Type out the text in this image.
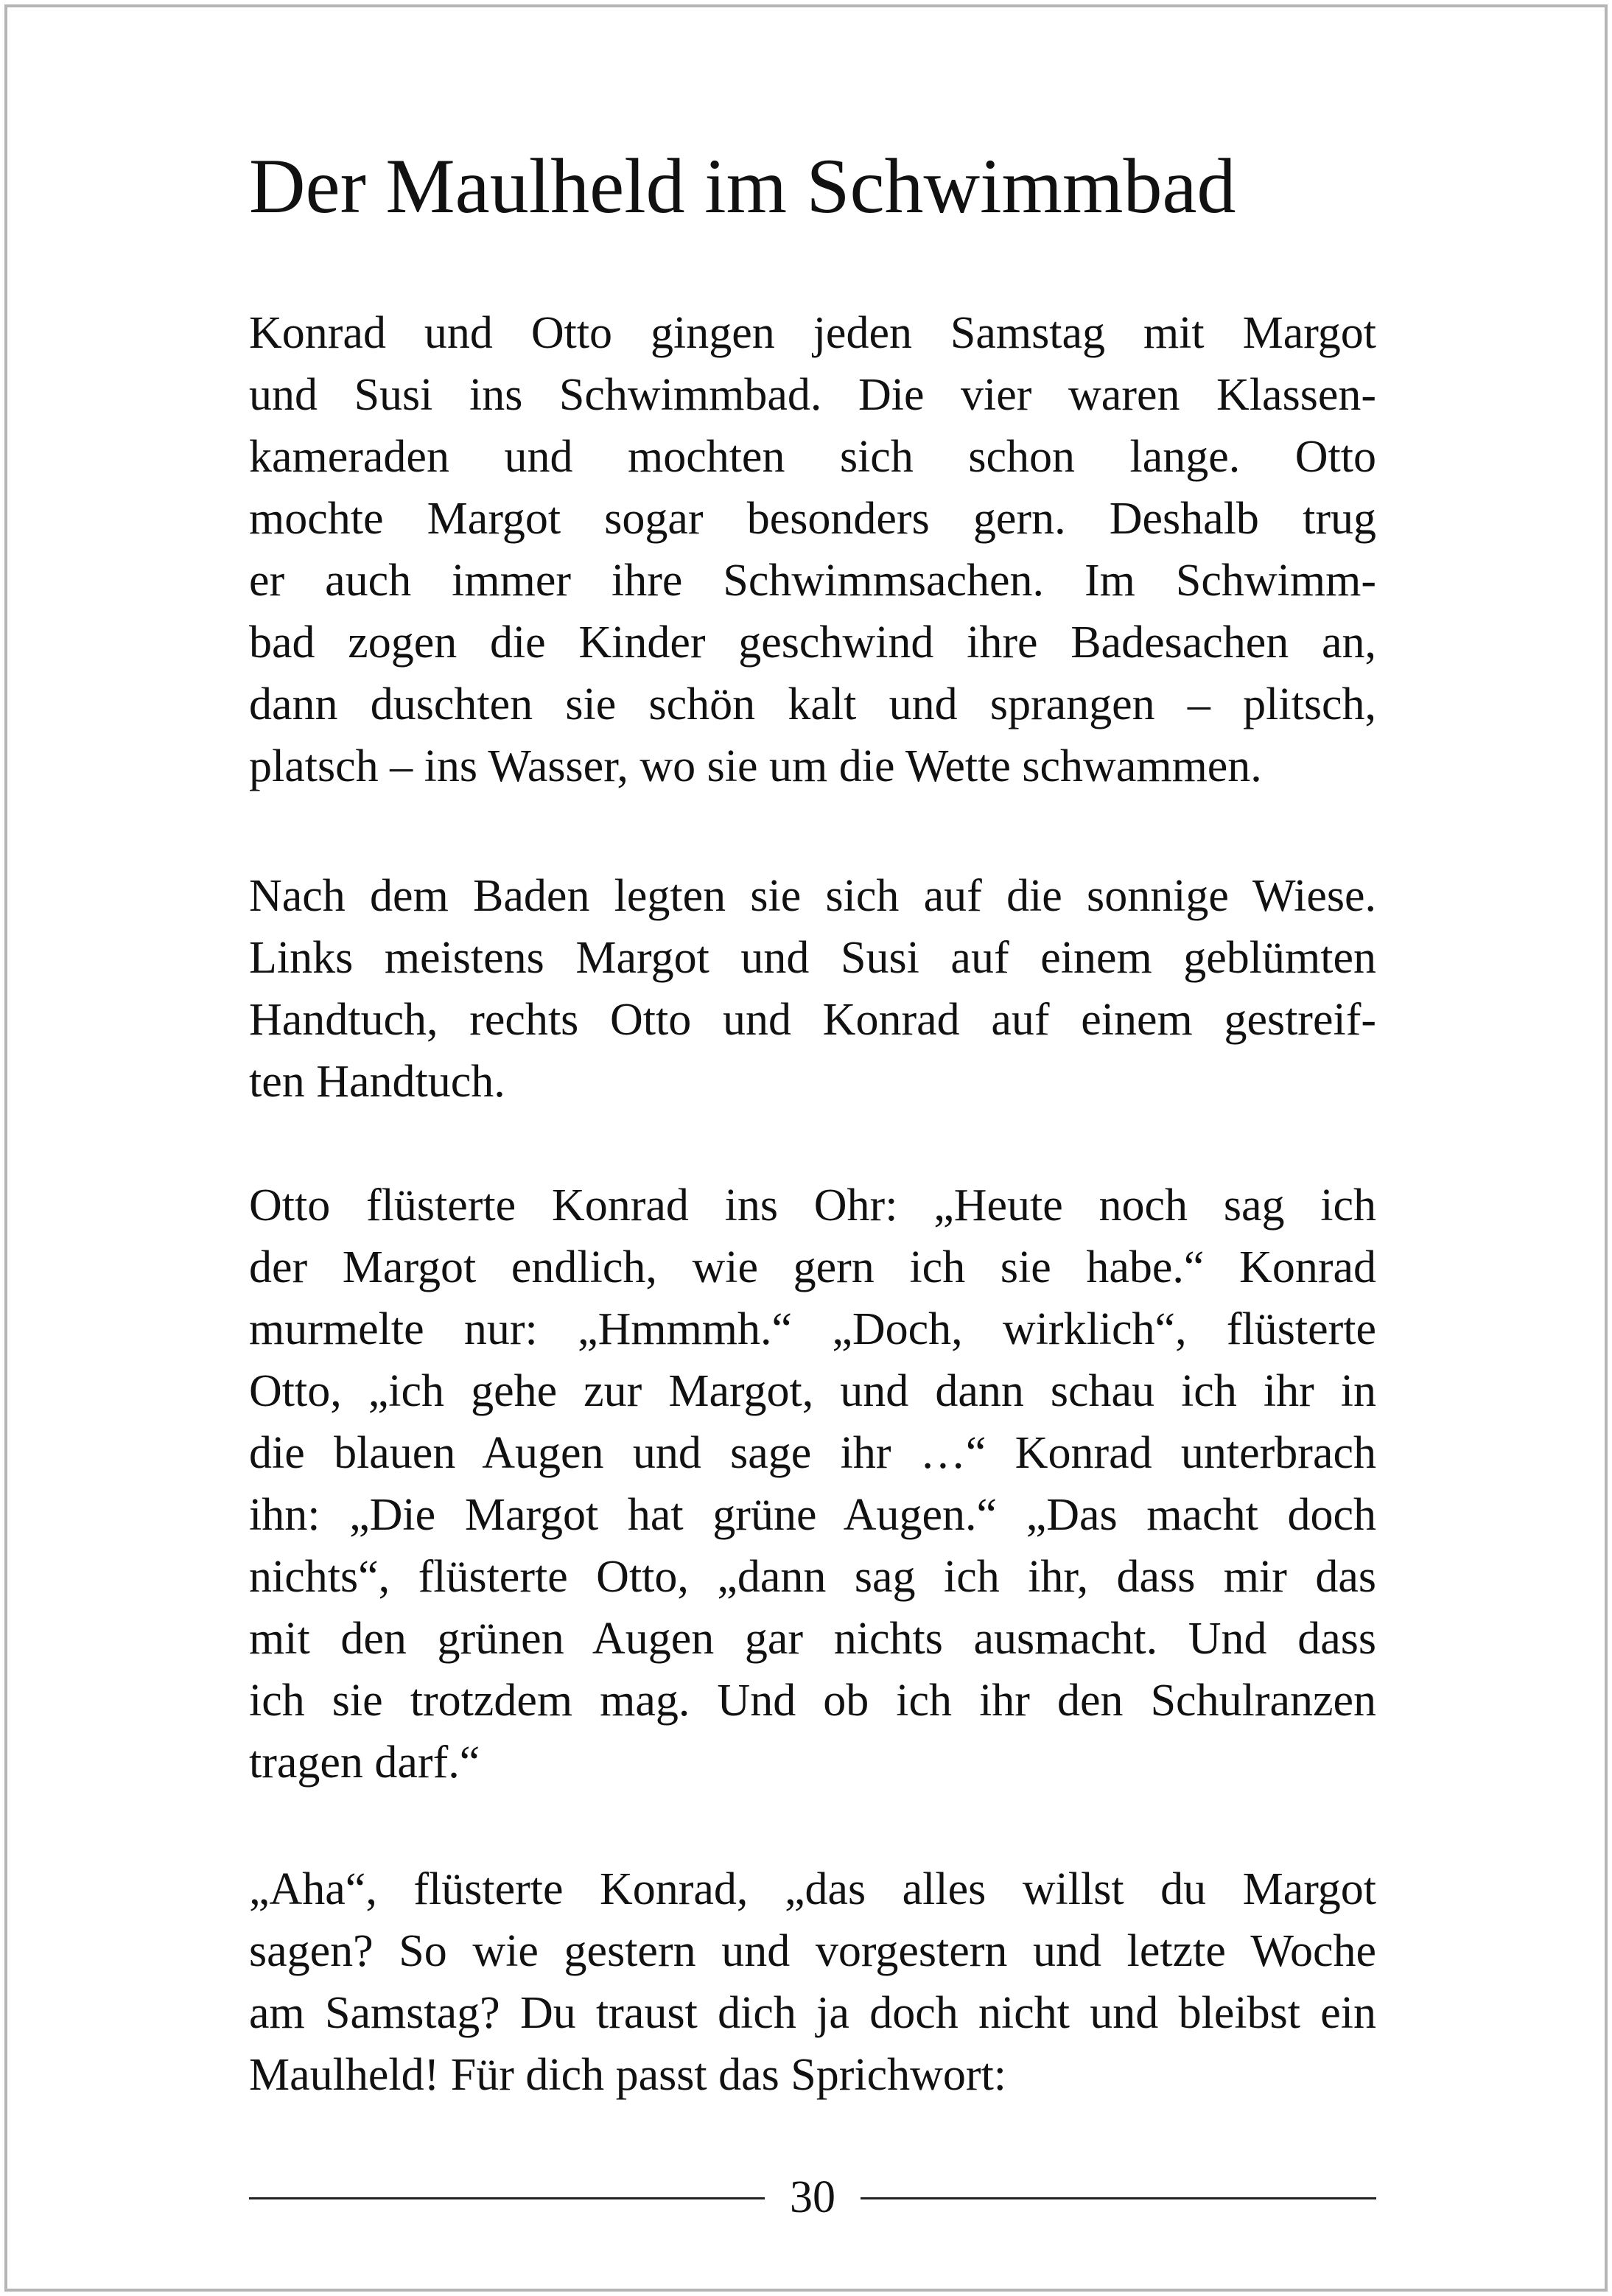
Der Maulheld im Schwimmbad

Konrad und Otto gingen jeden Samstag mit Margot
und Susi ins Schwimmbad. Die vier waren Klassen-
kameraden und mochten sich schon lange. Otto
mochte Margot sogar besonders gern. Deshalb trug
er auch immer ihre Schwimmsachen. Im Schwimm-
bad zogen die Kinder geschwind ihre Badesachen an,
dann duschten sie schön kalt und sprangen – plitsch,
platsch – ins Wasser, wo sie um die Wette schwammen.

Nach dem Baden legten sie sich auf die sonnige Wiese.
Links meistens Margot und Susi auf einem geblümten
Handtuch, rechts Otto und Konrad auf einem gestreif-
ten Handtuch.

Otto flüsterte Konrad ins Ohr: „Heute noch sag ich
der Margot endlich, wie gern ich sie habe.“ Konrad
murmelte nur: „Hmmmh.“ „Doch, wirklich“, flüsterte
Otto, „ich gehe zur Margot, und dann schau ich ihr in
die blauen Augen und sage ihr …“ Konrad unterbrach
ihn: „Die Margot hat grüne Augen.“ „Das macht doch
nichts“, flüsterte Otto, „dann sag ich ihr, dass mir das
mit den grünen Augen gar nichts ausmacht. Und dass
ich sie trotzdem mag. Und ob ich ihr den Schulranzen
tragen darf.“

„Aha“, flüsterte Konrad, „das alles willst du Margot
sagen? So wie gestern und vorgestern und letzte Woche
am Samstag? Du traust dich ja doch nicht und bleibst ein
Maulheld! Für dich passt das Sprichwort:

30
